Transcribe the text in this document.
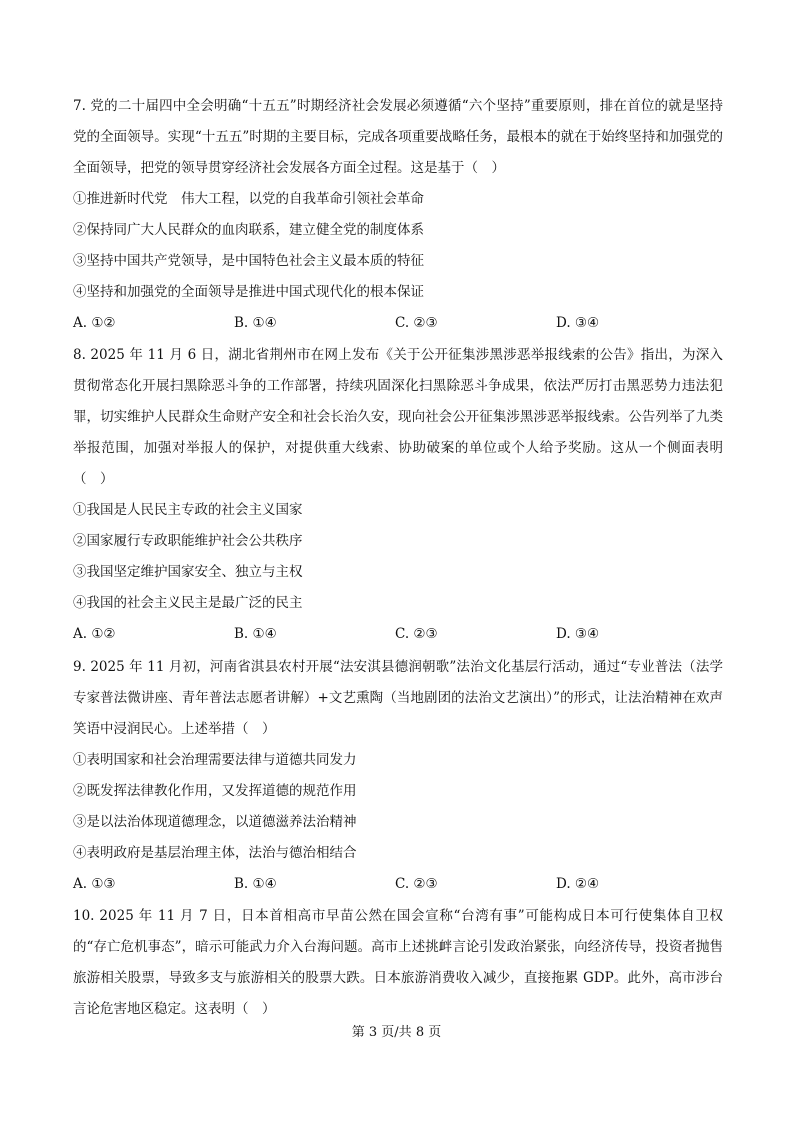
7. 党的二十届四中全会明确“十五五”时期经济社会发展必须遵循“六个坚持”重要原则，排在首位的就是坚持党的全面领导。实现“十五五”时期的主要目标，完成各项重要战略任务，最根本的就在于始终坚持和加强党的全面领导，把党的领导贯穿经济社会发展各方面全过程。这是基于（　）

①推进新时代党　伟大工程，以党的自我革命引领社会革命

②保持同广大人民群众的血肉联系，建立健全党的制度体系

③坚持中国共产党领导，是中国特色社会主义最本质的特征

④坚持和加强党的全面领导是推进中国式现代化的根本保证

A. ①②	B. ①④	C. ②③	D. ③④

8. 2025 年 11 月 6 日，湖北省荆州市在网上发布《关于公开征集涉黑涉恶举报线索的公告》指出，为深入贯彻常态化开展扫黑除恶斗争的工作部署，持续巩固深化扫黑除恶斗争成果，依法严厉打击黑恶势力违法犯罪，切实维护人民群众生命财产安全和社会长治久安，现向社会公开征集涉黑涉恶举报线索。公告列举了九类举报范围，加强对举报人的保护，对提供重大线索、协助破案的单位或个人给予奖励。这从一个侧面表明（　）

①我国是人民民主专政的社会主义国家

②国家履行专政职能维护社会公共秩序

③我国坚定维护国家安全、独立与主权

④我国的社会主义民主是最广泛的民主

A. ①②	B. ①④	C. ②③	D. ③④

9. 2025 年 11 月初，河南省淇县农村开展“法安淇县德润朝歌”法治文化基层行活动，通过“专业普法（法学专家普法微讲座、青年普法志愿者讲解）+文艺熏陶（当地剧团的法治文艺演出）”的形式，让法治精神在欢声笑语中浸润民心。上述举措（　）

①表明国家和社会治理需要法律与道德共同发力

②既发挥法律教化作用，又发挥道德的规范作用

③是以法治体现道德理念，以道德滋养法治精神

④表明政府是基层治理主体，法治与德治相结合

A. ①③	B. ①④	C. ②③	D. ②④

10. 2025 年 11 月 7 日，日本首相高市早苗公然在国会宣称“台湾有事”可能构成日本可行使集体自卫权的“存亡危机事态”，暗示可能武力介入台海问题。高市上述挑衅言论引发政治紧张，向经济传导，投资者抛售旅游相关股票，导致多支与旅游相关的股票大跌。日本旅游消费收入减少，直接拖累 GDP。此外，高市涉台言论危害地区稳定。这表明（　）

第 3 页/共 8 页
